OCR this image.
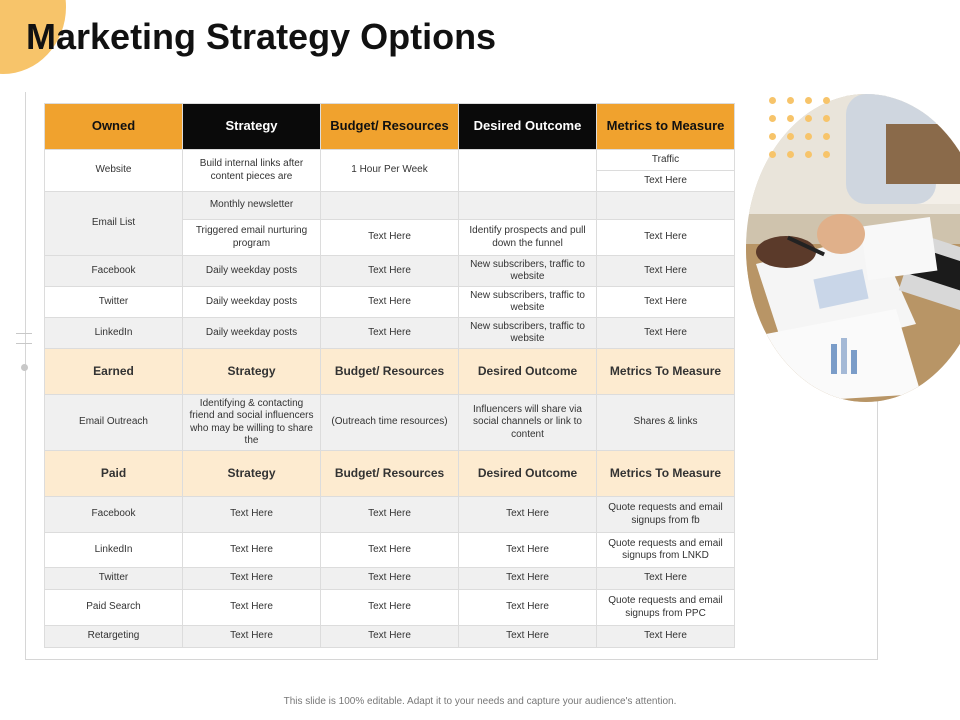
Marketing Strategy Options
Owned	Strategy	Budget/ Resources	Desired Outcome	Metrics to Measure
Website	Build internal links after content pieces are	1 Hour Per Week		Traffic
				Text Here
Email List	Monthly newsletter			
	Triggered email nurturing program	Text Here	Identify prospects and pull down the funnel	Text Here
Facebook	Daily weekday posts	Text Here	New subscribers, traffic to website	Text Here
Twitter	Daily weekday posts	Text Here	New subscribers, traffic to website	Text Here
LinkedIn	Daily weekday posts	Text Here	New subscribers, traffic to website	Text Here
Earned	Strategy	Budget/ Resources	Desired Outcome	Metrics To Measure
Email Outreach	Identifying & contacting friend and social influencers who may be willing to share the	(Outreach time resources)	Influencers will share via social channels or link to content	Shares & links
Paid	Strategy	Budget/ Resources	Desired Outcome	Metrics To Measure
Facebook	Text Here	Text Here	Text Here	Quote requests and email signups from fb
LinkedIn	Text Here	Text Here	Text Here	Quote requests and email signups from LNKD
Twitter	Text Here	Text Here	Text Here	Text Here
Paid Search	Text Here	Text Here	Text Here	Quote requests and email signups from PPC
Retargeting	Text Here	Text Here	Text Here	Text Here
This slide is 100% editable. Adapt it to your needs and capture your audience's attention.
